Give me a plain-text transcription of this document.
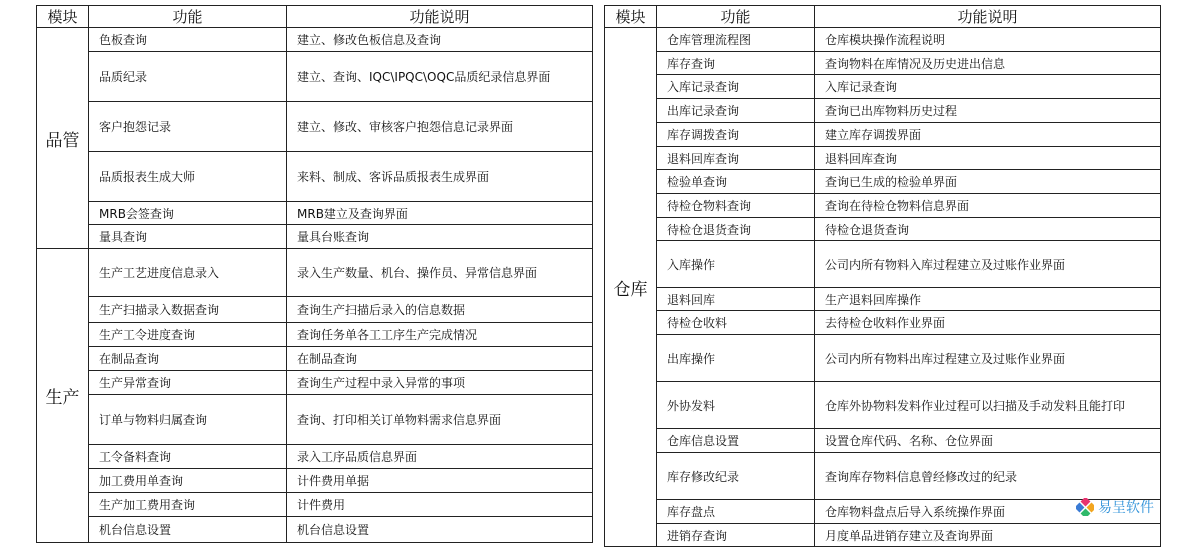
模块	功能	功能说明
品管	色板查询	建立、修改色板信息及查询
	品质纪录	建立、查询、IQC\IPQC\OQC品质纪录信息界面
	客户抱怨记录	建立、修改、审核客户抱怨信息记录界面
	品质报表生成大师	来料、制成、客诉品质报表生成界面
	MRB会签查询	MRB建立及查询界面
	量具查询	量具台账查询
生产	生产工艺进度信息录入	录入生产数量、机台、操作员、异常信息界面
	生产扫描录入数据查询	查询生产扫描后录入的信息数据
	生产工令进度查询	查询任务单各工工序生产完成情况
	在制品查询	在制品查询
	生产异常查询	查询生产过程中录入异常的事项
	订单与物料归属查询	查询、打印相关订单物料需求信息界面
	工令备料查询	录入工序品质信息界面
	加工费用单查询	计件费用单据
	生产加工费用查询	计件费用
	机台信息设置	机台信息设置
模块	功能	功能说明
仓库	仓库管理流程图	仓库模块操作流程说明
	库存查询	查询物料在库情况及历史进出信息
	入库记录查询	入库记录查询
	出库记录查询	查询已出库物料历史过程
	库存调拨查询	建立库存调拨界面
	退料回库查询	退料回库查询
	检验单查询	查询已生成的检验单界面
	待检仓物料查询	查询在待检仓物料信息界面
	待检仓退货查询	待检仓退货查询
	入库操作	公司内所有物料入库过程建立及过账作业界面
	退料回库	生产退料回库操作
	待检仓收料	去待检仓收料作业界面
	出库操作	公司内所有物料出库过程建立及过账作业界面
	外协发料	仓库外协物料发料作业过程可以扫描及手动发料且能打印
	仓库信息设置	设置仓库代码、名称、仓位界面
	库存修改纪录	查询库存物料信息曾经修改过的纪录
	库存盘点	仓库物料盘点后导入系统操作界面
	进销存查询	月度单品进销存建立及查询界面
易呈软件
